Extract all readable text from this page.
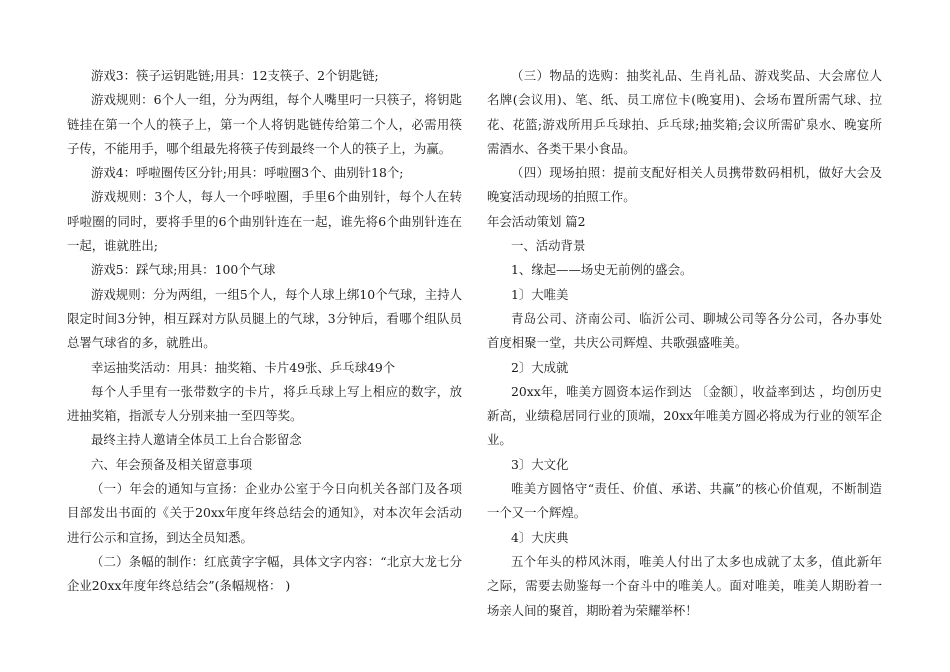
游戏3：筷子运钥匙链;用具：12支筷子、2个钥匙链;

游戏规则：6个人一组，分为两组，每个人嘴里叼一只筷子，将钥匙链挂在第一个人的筷子上，第一个人将钥匙链传给第二个人，必需用筷子传，不能用手，哪个组最先将筷子传到最终一个人的筷子上，为赢。

游戏4：呼啦圈传区分针;用具：呼啦圈3个、曲别针18个;

游戏规则：3个人，每人一个呼啦圈，手里6个曲别针，每个人在转呼啦圈的同时，要将手里的6个曲别针连在一起，谁先将6个曲别针连在一起，谁就胜出;

游戏5：踩气球;用具：100个气球

游戏规则：分为两组，一组5个人，每个人球上绑10个气球，主持人限定时间3分钟，相互踩对方队员腿上的气球，3分钟后，看哪个组队员总署气球省的多，就胜出。

幸运抽奖活动：用具：抽奖箱、卡片49张、乒乓球49个

每个人手里有一张带数字的卡片，将乒乓球上写上相应的数字，放进抽奖箱，指派专人分别来抽一至四等奖。

最终主持人邀请全体员工上台合影留念

六、年会预备及相关留意事项

（一）年会的通知与宣扬：企业办公室于今日向机关各部门及各项目部发出书面的《关于20xx年度年终总结会的通知》，对本次年会活动进行公示和宣扬，到达全员知悉。

（二）条幅的制作：红底黄字字幅，具体文字内容：“北京大龙七分企业20xx年度年终总结会”(条幅规格： )

（三）物品的选购：抽奖礼品、生肖礼品、游戏奖品、大会席位人名牌(会议用)、笔、纸、员工席位卡(晚宴用)、会场布置所需气球、拉花、花篮;游戏所用乒乓球拍、乒乓球;抽奖箱;会议所需矿泉水、晚宴所需酒水、各类干果小食品。

（四）现场拍照：提前支配好相关人员携带数码相机，做好大会及晚宴活动现场的拍照工作。

年会活动策划 篇2

一、活动背景

1、缘起——场史无前例的盛会。

1〕大唯美

青岛公司、济南公司、临沂公司、聊城公司等各分公司，各办事处首度相聚一堂，共庆公司辉煌、共歌强盛唯美。

2〕大成就

20xx年，唯美方圆资本运作到达 〔金额〕，收益率到达 ，均创历史新高，业绩稳居同行业的顶端，20xx年唯美方圆必将成为行业的领军企业。

3〕大文化

唯美方圆恪守“责任、价值、承诺、共赢”的核心价值观，不断制造一个又一个辉煌。

4〕大庆典

五个年头的栉风沐雨，唯美人付出了太多也成就了太多，值此新年之际，需要去勋鉴每一个奋斗中的唯美人。面对唯美，唯美人期盼着一场亲人间的聚首，期盼着为荣耀举杯！
